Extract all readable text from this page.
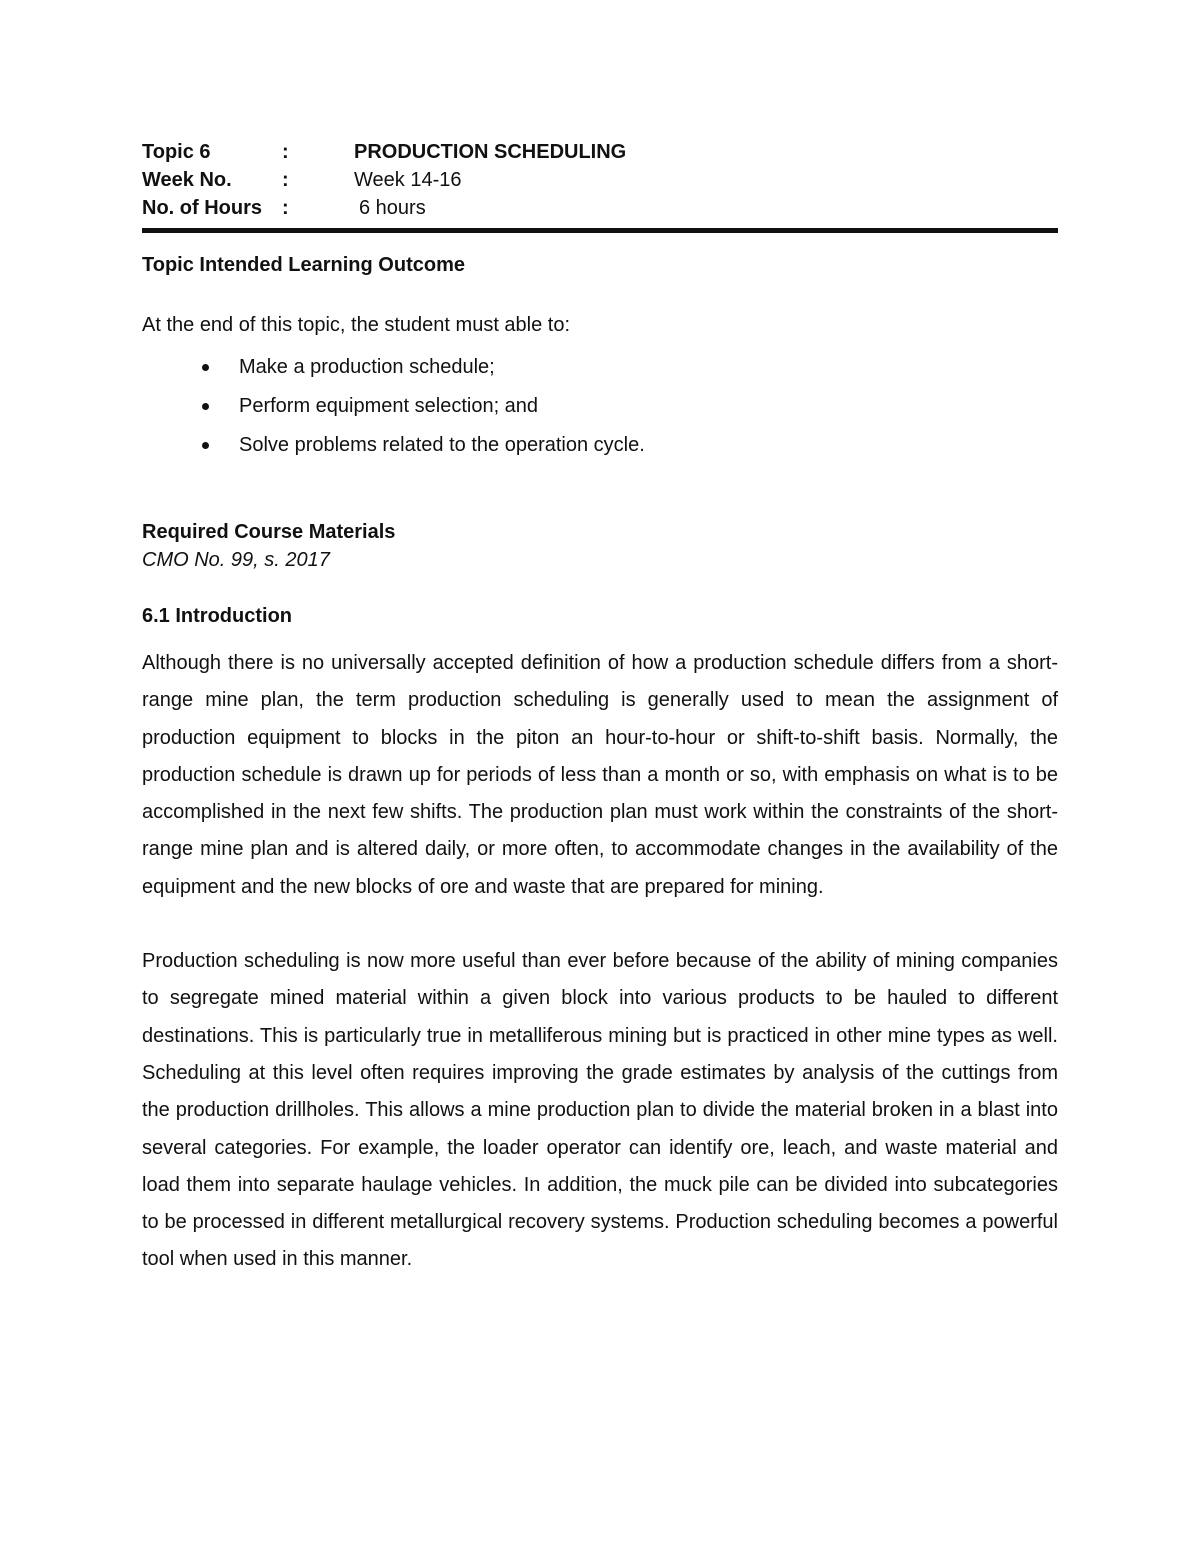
Topic 6	:	PRODUCTION SCHEDULING
Week No.	:	Week 14-16
No. of Hours :	6 hours
Topic Intended Learning Outcome
At the end of this topic, the student must able to:
Make a production schedule;
Perform equipment selection; and
Solve problems related to the operation cycle.
Required Course Materials
CMO No. 99, s. 2017
6.1 Introduction

Although there is no universally accepted definition of how a production schedule differs from a short-range mine plan, the term production scheduling is generally used to mean the assignment of production equipment to blocks in the piton an hour-to-hour or shift-to-shift basis. Normally, the production schedule is drawn up for periods of less than a month or so, with emphasis on what is to be accomplished in the next few shifts. The production plan must work within the constraints of the short-range mine plan and is altered daily, or more often, to accommodate changes in the availability of the equipment and the new blocks of ore and waste that are prepared for mining.

Production scheduling is now more useful than ever before because of the ability of mining companies to segregate mined material within a given block into various products to be hauled to different destinations. This is particularly true in metalliferous mining but is practiced in other mine types as well. Scheduling at this level often requires improving the grade estimates by analysis of the cuttings from the production drillholes. This allows a mine production plan to divide the material broken in a blast into several categories. For example, the loader operator can identify ore, leach, and waste material and load them into separate haulage vehicles. In addition, the muck pile can be divided into subcategories to be processed in different metallurgical recovery systems. Production scheduling becomes a powerful tool when used in this manner.
